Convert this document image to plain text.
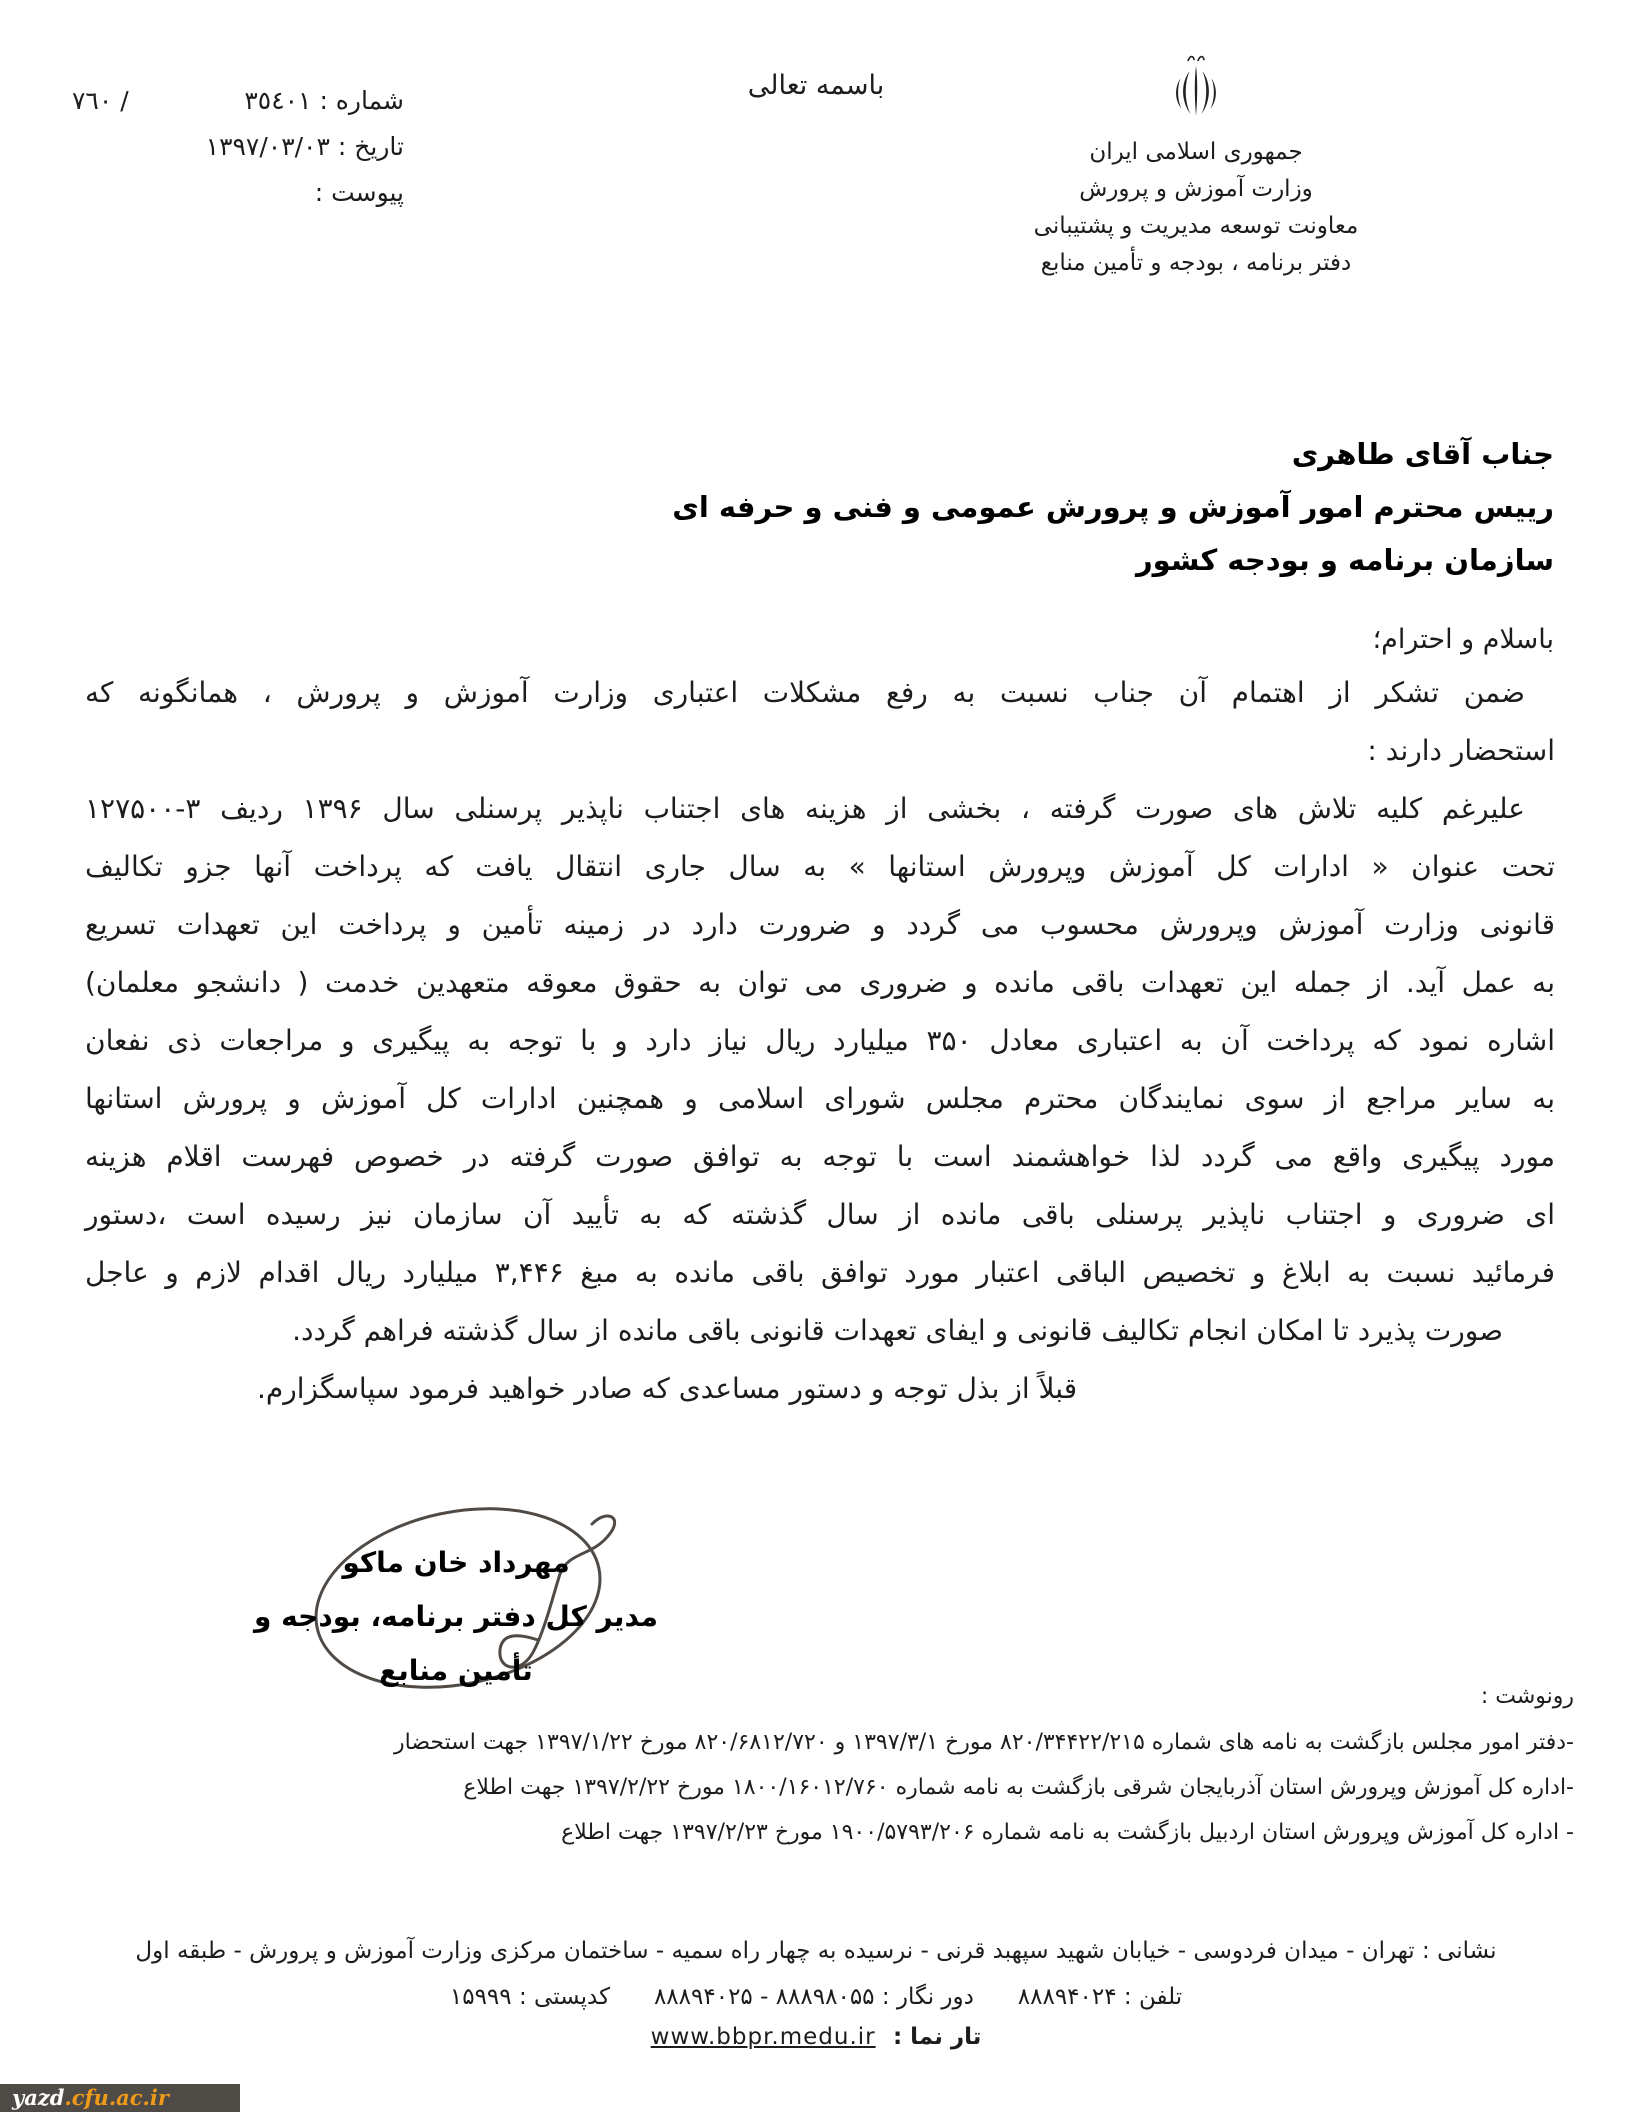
شماره : ٣٥٤٠١
/ ٧٦٠
تاریخ : ۱۳۹۷/۰۳/۰۳
پیوست :
باسمه تعالی
جمهوری اسلامی ایران
وزارت آموزش و پرورش
معاونت توسعه مدیریت و پشتیبانی
دفتر برنامه ، بودجه و تأمین منابع
جناب آقای طاهری
رییس محترم امور آموزش و پرورش عمومی و فنی و حرفه ای
سازمان برنامه و بودجه کشور
باسلام و احترام؛
ضمن تشکر از اهتمام آن جناب نسبت به رفع مشکلات اعتباری وزارت آموزش و پرورش ، همانگونه که
استحضار دارند :
علیرغم کلیه تلاش های صورت گرفته ، بخشی از هزینه های اجتناب ناپذیر پرسنلی سال ۱۳۹۶ ردیف ۳-۱۲۷۵۰۰
تحت عنوان « ادارات کل آموزش وپرورش استانها » به سال جاری انتقال یافت که پرداخت آنها جزو تکالیف
قانونی وزارت آموزش وپرورش محسوب می گردد و ضرورت دارد در زمینه تأمین و پرداخت این تعهدات تسریع
به عمل آید. از جمله این تعهدات باقی مانده و ضروری می توان به حقوق معوقه متعهدین خدمت ( دانشجو معلمان)
اشاره نمود که پرداخت آن به اعتباری معادل ۳۵۰ میلیارد ریال نیاز دارد و با توجه به پیگیری و مراجعات ذی نفعان
به سایر مراجع از سوی نمایندگان محترم مجلس شورای اسلامی و همچنین ادارات کل آموزش و پرورش استانها
مورد پیگیری واقع می گردد لذا خواهشمند است با توجه به توافق صورت گرفته در خصوص فهرست اقلام هزینه
ای ضروری و اجتناب ناپذیر پرسنلی باقی مانده از سال گذشته که به تأیید آن سازمان نیز رسیده است ،دستور
فرمائید نسبت به ابلاغ و تخصیص الباقی اعتبار مورد توافق باقی مانده به مبغ ۳,۴۴۶ میلیارد ریال اقدام لازم و عاجل
صورت پذیرد تا امکان انجام تکالیف قانونی و ایفای تعهدات قانونی باقی مانده از سال گذشته فراهم گردد.
قبلاً از بذل توجه و دستور مساعدی که صادر خواهید فرمود سپاسگزارم.
مهرداد خان ماکو
مدیر کل دفتر برنامه، بودجه و تأمین منابع
رونوشت :
-دفتر امور مجلس بازگشت به نامه های شماره ۸۲۰/۳۴۴۲۲/۲۱۵ مورخ ۱۳۹۷/۳/۱ و ۸۲۰/۶۸۱۲/۷۲۰ مورخ ۱۳۹۷/۱/۲۲ جهت استحضار
-اداره کل آموزش وپرورش استان آذربایجان شرقی بازگشت به نامه شماره ۱۸۰۰/۱۶۰۱۲/۷۶۰ مورخ ۱۳۹۷/۲/۲۲ جهت اطلاع
- اداره کل آموزش وپرورش استان اردبیل بازگشت به نامه شماره ۱۹۰۰/۵۷۹۳/۲۰۶ مورخ ۱۳۹۷/۲/۲۳ جهت اطلاع
نشانی : تهران - میدان فردوسی - خیابان شهید سپهبد قرنی - نرسیده به چهار راه سمیه - ساختمان مرکزی وزارت آموزش و پرورش - طبقه اول
تلفن : ۸۸۸۹۴۰۲۴      دور نگار : ۸۸۸۹۸۰۵۵ - ۸۸۸۹۴۰۲۵      کدپستی : ۱۵۹۹۹
تار نما : www.bbpr.medu.ir
yazd .cfu.ac.ir
